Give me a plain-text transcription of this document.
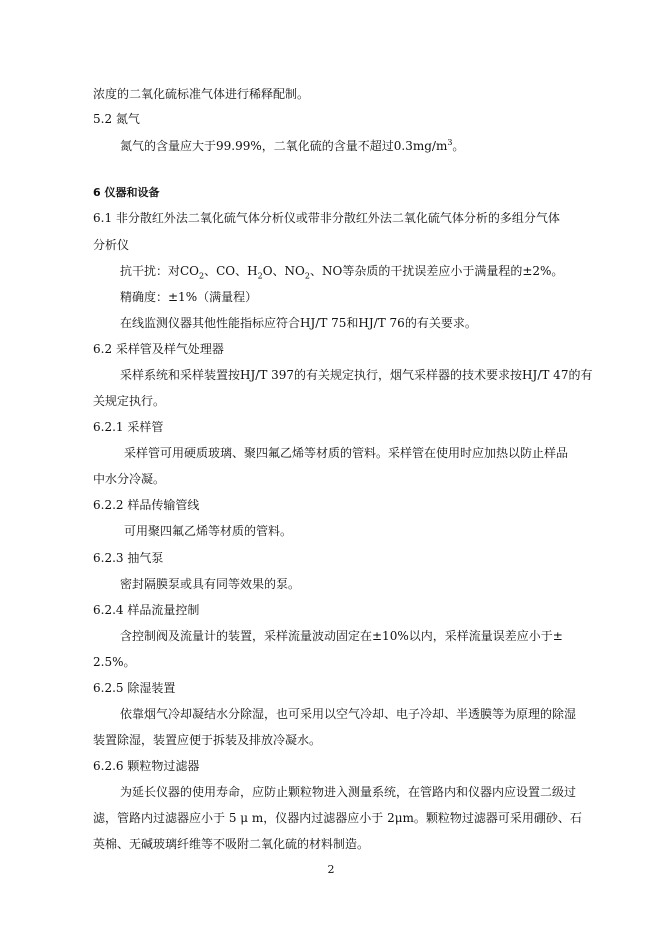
浓度的二氧化硫标准气体进行稀释配制。
5.2 氮气
氮气的含量应大于99.99%，二氧化硫的含量不超过$0.3mg/m^3$。
6 仪器和设备
6.1 非分散红外法二氧化硫气体分析仪或带非分散红外法二氧化硫气体分析的多组分气体
分析仪
抗干扰：对$CO_2$、CO、$H_2O$、$NO_2$、NO等杂质的干扰误差应小于满量程的±2%。
精确度：±1%（满量程）
在线监测仪器其他性能指标应符合HJ/T 75和HJ/T 76的有关要求。
6.2 采样管及样气处理器
采样系统和采样装置按HJ/T 397的有关规定执行，烟气采样器的技术要求按HJ/T 47的有
关规定执行。
6.2.1 采样管
采样管可用硬质玻璃、聚四氟乙烯等材质的管料。采样管在使用时应加热以防止样品
中水分冷凝。
6.2.2 样品传输管线
可用聚四氟乙烯等材质的管料。
6.2.3 抽气泵
密封隔膜泵或具有同等效果的泵。
6.2.4 样品流量控制
含控制阀及流量计的装置，采样流量波动固定在±10%以内，采样流量误差应小于±
2.5%。
6.2.5 除湿装置
依靠烟气冷却凝结水分除湿，也可采用以空气冷却、电子冷却、半透膜等为原理的除湿
装置除湿，装置应便于拆装及排放冷凝水。
6.2.6 颗粒物过滤器
为延长仪器的使用寿命，应防止颗粒物进入测量系统，在管路内和仪器内应设置二级过
滤，管路内过滤器应小于 5 μ m，仪器内过滤器应小于 2μm。颗粒物过滤器可采用硼砂、石
英棉、无碱玻璃纤维等不吸附二氧化硫的材料制造。
2
